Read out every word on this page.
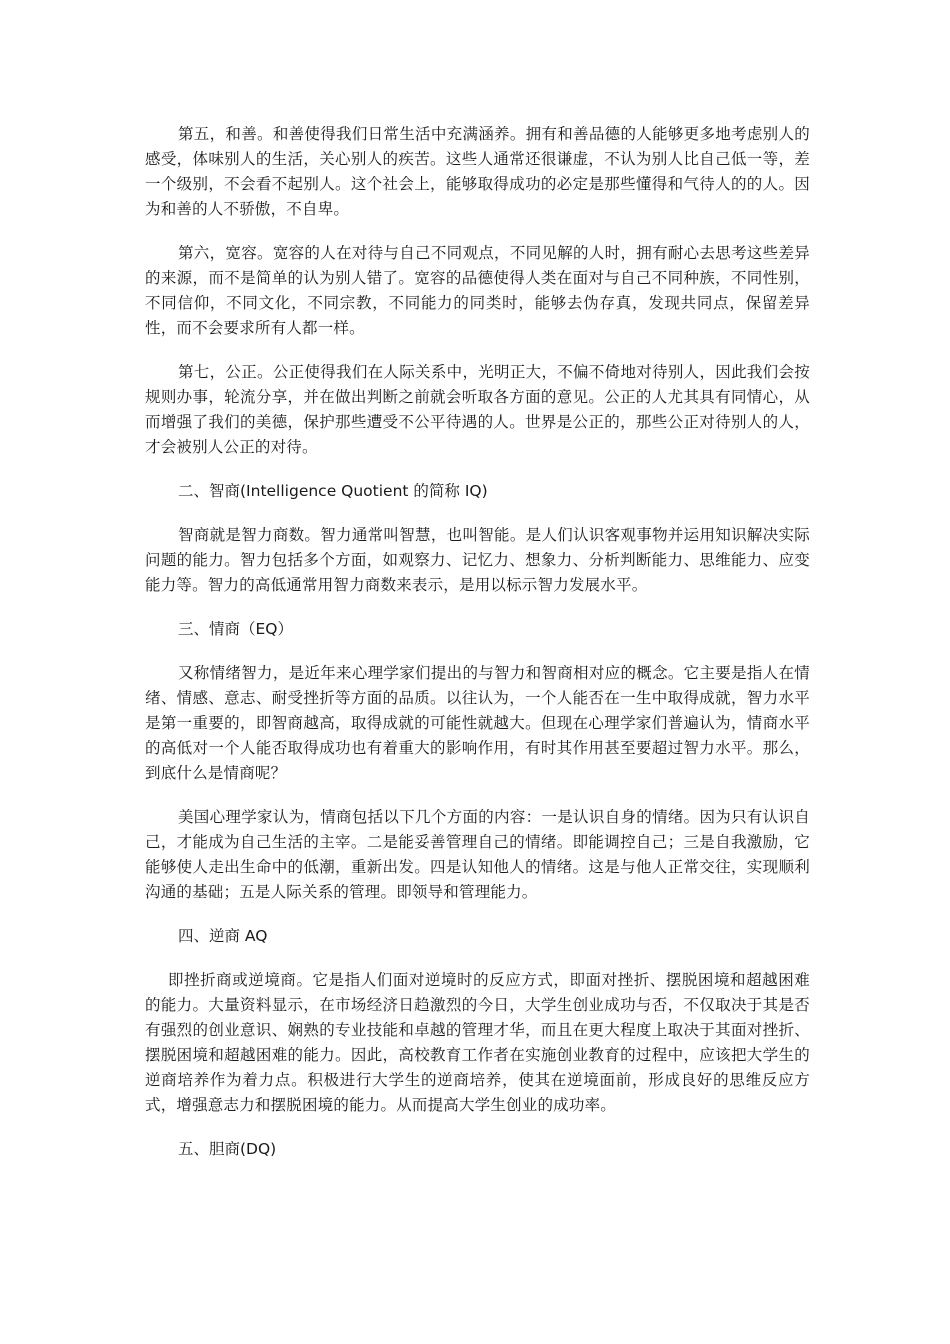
第五，和善。和善使得我们日常生活中充满涵养。拥有和善品德的人能够更多地考虑别人的感受，体味别人的生活，关心别人的疾苦。这些人通常还很谦虚，不认为别人比自己低一等，差一个级别，不会看不起别人。这个社会上，能够取得成功的必定是那些懂得和气待人的的人。因为和善的人不骄傲，不自卑。

第六，宽容。宽容的人在对待与自己不同观点，不同见解的人时，拥有耐心去思考这些差异的来源，而不是简单的认为别人错了。宽容的品德使得人类在面对与自己不同种族，不同性别，不同信仰，不同文化，不同宗教，不同能力的同类时，能够去伪存真，发现共同点，保留差异性，而不会要求所有人都一样。

第七，公正。公正使得我们在人际关系中，光明正大，不偏不倚地对待别人，因此我们会按规则办事，轮流分享，并在做出判断之前就会听取各方面的意见。公正的人尤其具有同情心，从而增强了我们的美德，保护那些遭受不公平待遇的人。世界是公正的，那些公正对待别人的人，才会被别人公正的对待。

二、智商(Intelligence Quotient 的简称 IQ)

智商就是智力商数。智力通常叫智慧，也叫智能。是人们认识客观事物并运用知识解决实际问题的能力。智力包括多个方面，如观察力、记忆力、想象力、分析判断能力、思维能力、应变能力等。智力的高低通常用智力商数来表示，是用以标示智力发展水平。

三、情商（EQ）

又称情绪智力，是近年来心理学家们提出的与智力和智商相对应的概念。它主要是指人在情绪、情感、意志、耐受挫折等方面的品质。以往认为，一个人能否在一生中取得成就，智力水平是第一重要的，即智商越高，取得成就的可能性就越大。但现在心理学家们普遍认为，情商水平的高低对一个人能否取得成功也有着重大的影响作用，有时其作用甚至要超过智力水平。那么，到底什么是情商呢？

美国心理学家认为，情商包括以下几个方面的内容：一是认识自身的情绪。因为只有认识自己，才能成为自己生活的主宰。二是能妥善管理自己的情绪。即能调控自己；三是自我激励，它能够使人走出生命中的低潮，重新出发。四是认知他人的情绪。这是与他人正常交往，实现顺利沟通的基础；五是人际关系的管理。即领导和管理能力。

四、逆商 AQ

即挫折商或逆境商。它是指人们面对逆境时的反应方式，即面对挫折、摆脱困境和超越困难的能力。大量资料显示，在市场经济日趋激烈的今日，大学生创业成功与否，不仅取决于其是否有强烈的创业意识、娴熟的专业技能和卓越的管理才华，而且在更大程度上取决于其面对挫折、摆脱困境和超越困难的能力。因此，高校教育工作者在实施创业教育的过程中，应该把大学生的逆商培养作为着力点。积极进行大学生的逆商培养，使其在逆境面前，形成良好的思维反应方式，增强意志力和摆脱困境的能力。从而提高大学生创业的成功率。

五、胆商(DQ)
